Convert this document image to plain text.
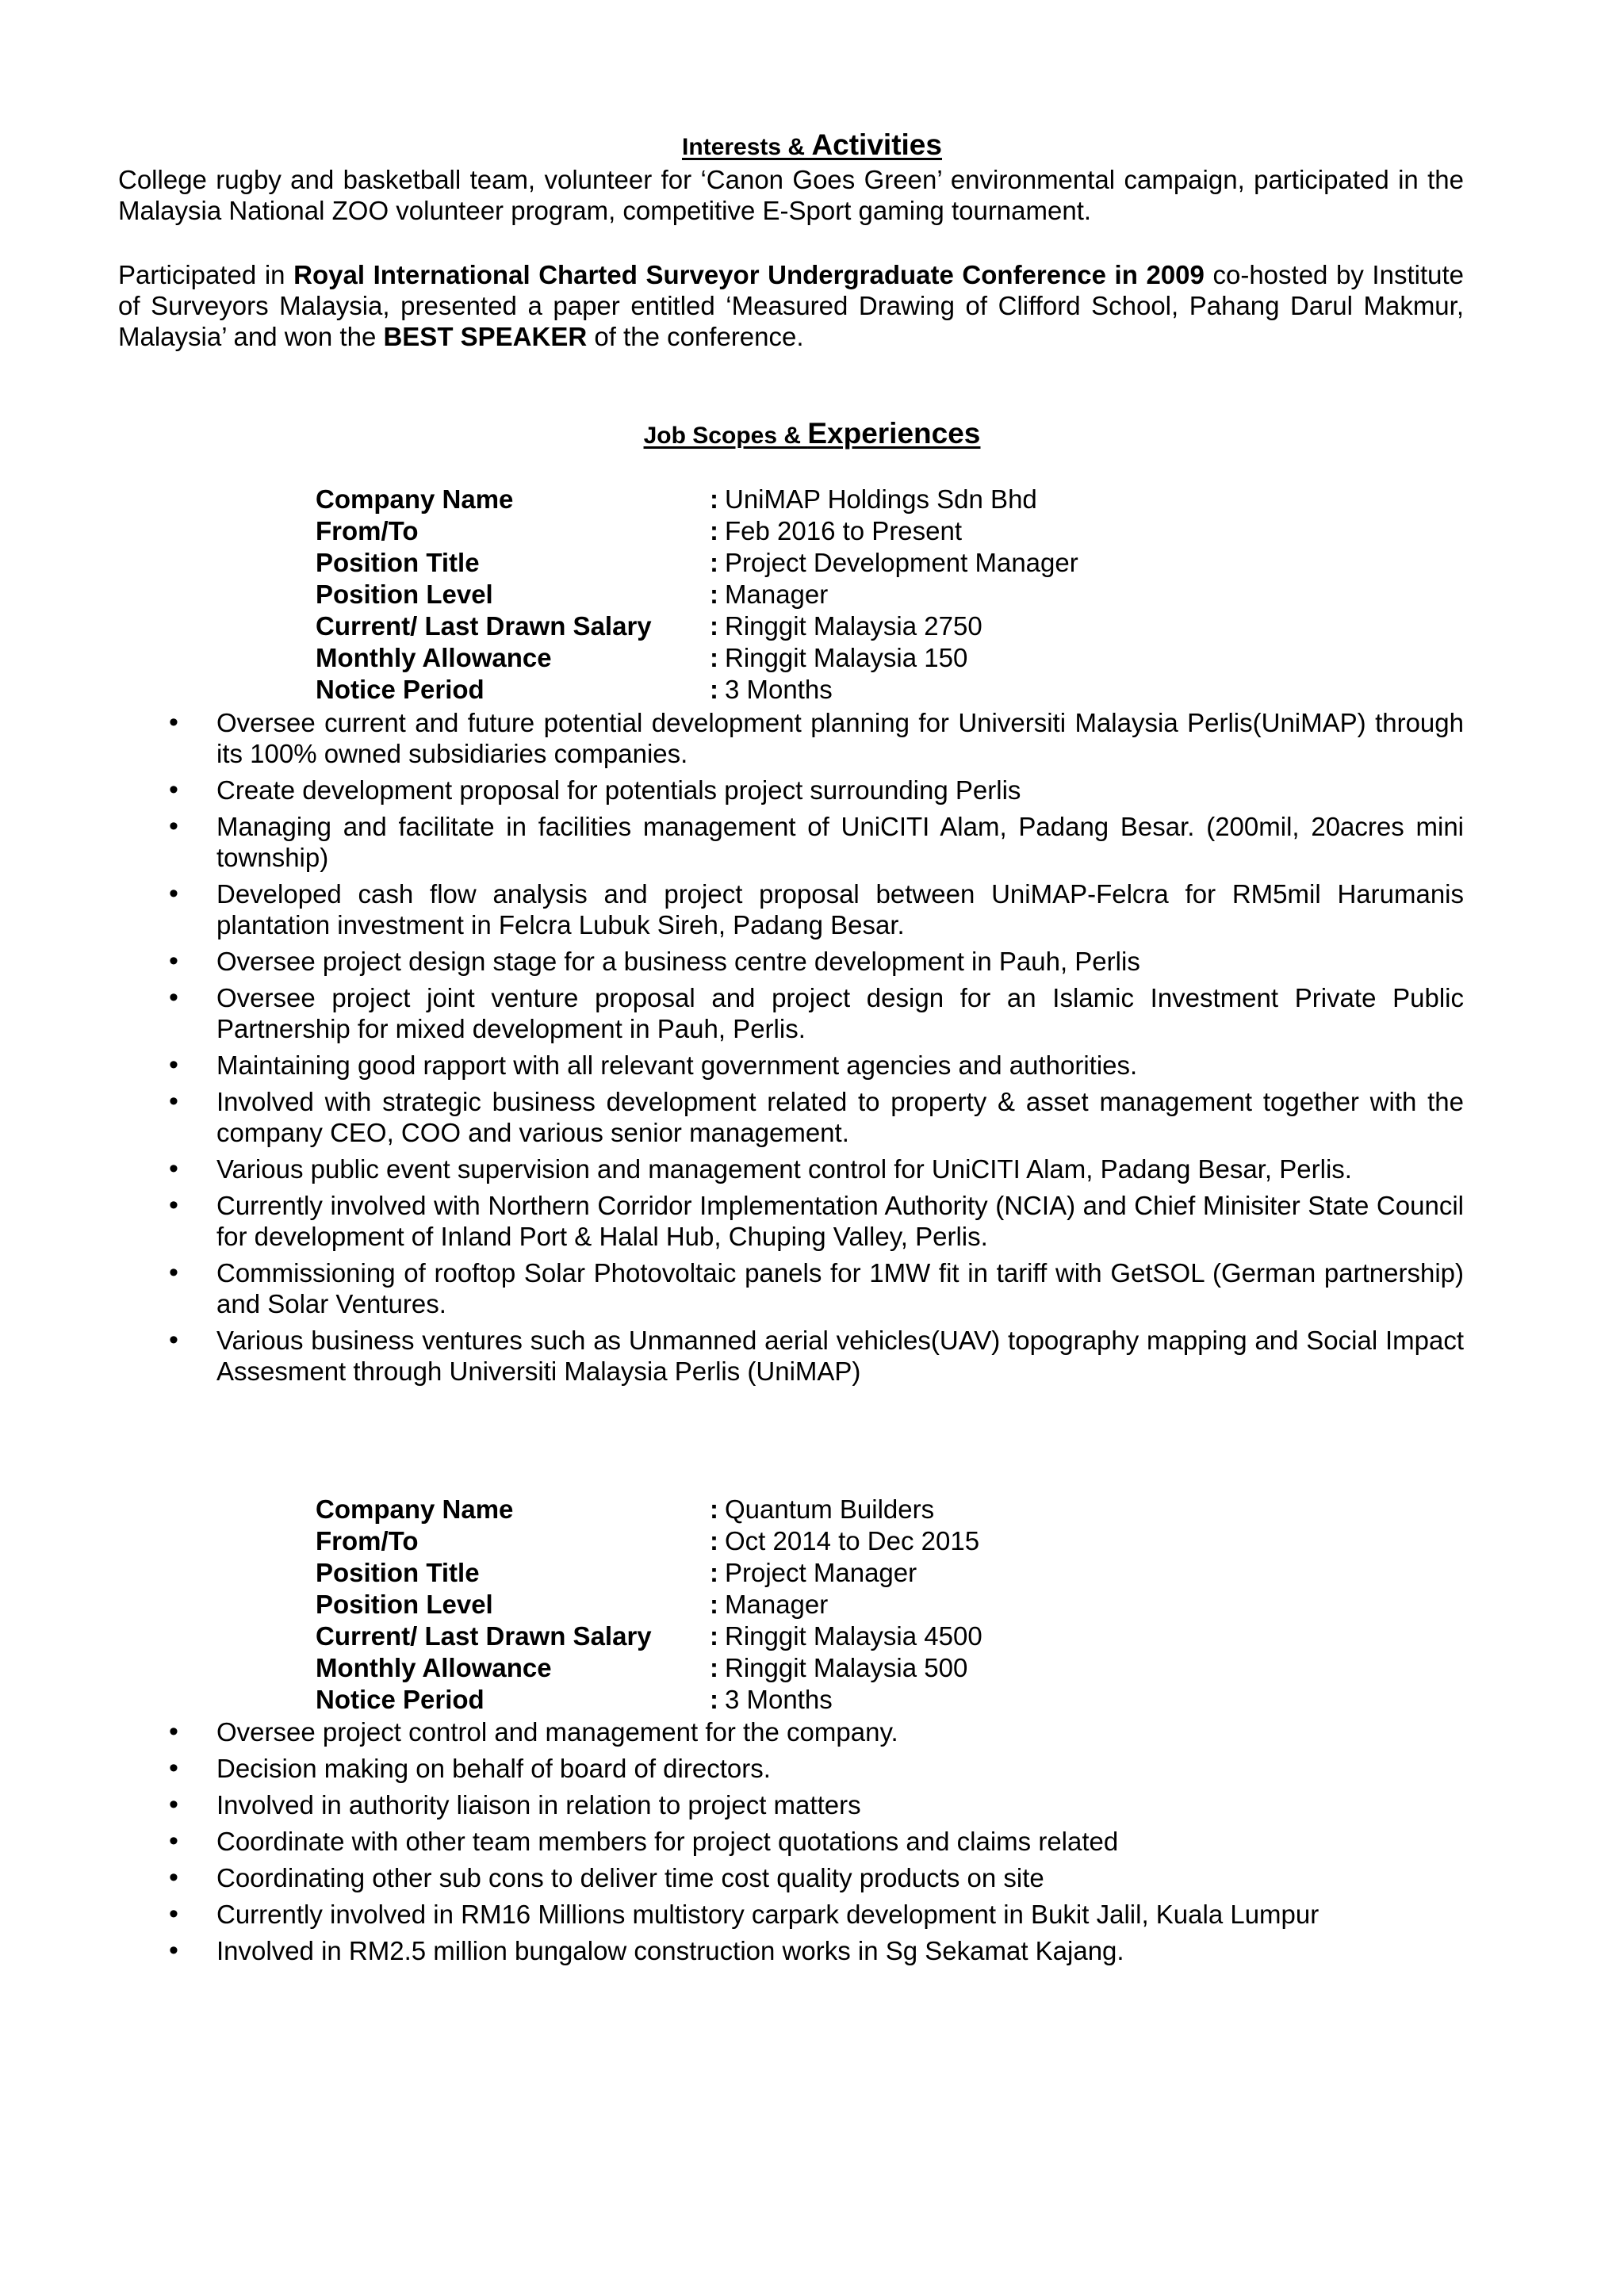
Interests & Activities

College rugby and basketball team, volunteer for ‘Canon Goes Green’ environmental campaign, participated in the Malaysia National ZOO volunteer program, competitive E-Sport gaming tournament.

Participated in Royal International Charted Surveyor Undergraduate Conference in 2009 co-hosted by Institute of Surveyors Malaysia, presented a paper entitled ‘Measured Drawing of Clifford School, Pahang Darul Makmur, Malaysia’ and won the BEST SPEAKER of the conference.

Job Scopes & Experiences
Company Name	: UniMAP Holdings Sdn Bhd
From/To	: Feb 2016 to Present
Position Title	: Project Development Manager
Position Level	: Manager
Current/ Last Drawn Salary : Ringgit Malaysia 2750
Monthly Allowance	: Ringgit Malaysia 150
Notice Period	: 3 Months
• Oversee current and future potential development planning for Universiti Malaysia Perlis(UniMAP) through its 100% owned subsidiaries companies.
• Create development proposal for potentials project surrounding Perlis
• Managing and facilitate in facilities management of UniCITI Alam, Padang Besar. (200mil, 20acres mini township)
• Developed cash flow analysis and project proposal between UniMAP-Felcra for RM5mil Harumanis plantation investment in Felcra Lubuk Sireh, Padang Besar.
• Oversee project design stage for a business centre development in Pauh, Perlis
• Oversee project joint venture proposal and project design for an Islamic Investment Private Public Partnership for mixed development in Pauh, Perlis.
• Maintaining good rapport with all relevant government agencies and authorities.
• Involved with strategic business development related to property & asset management together with the company CEO, COO and various senior management.
• Various public event supervision and management control for UniCITI Alam, Padang Besar, Perlis.
• Currently involved with Northern Corridor Implementation Authority (NCIA) and Chief Minisiter State Council for development of Inland Port & Halal Hub, Chuping Valley, Perlis.
• Commissioning of rooftop Solar Photovoltaic panels for 1MW fit in tariff with GetSOL (German partnership) and Solar Ventures.
• Various business ventures such as Unmanned aerial vehicles(UAV) topography mapping and Social Impact Assesment through Universiti Malaysia Perlis (UniMAP)
Company Name	: Quantum Builders
From/To	: Oct 2014 to Dec 2015
Position Title	: Project Manager
Position Level	: Manager
Current/ Last Drawn Salary : Ringgit Malaysia 4500
Monthly Allowance	: Ringgit Malaysia 500
Notice Period	: 3 Months
• Oversee project control and management for the company.
• Decision making on behalf of board of directors.
• Involved in authority liaison in relation to project matters
• Coordinate with other team members for project quotations and claims related
• Coordinating other sub cons to deliver time cost quality products on site
• Currently involved in RM16 Millions multistory carpark development in Bukit Jalil, Kuala Lumpur
• Involved in RM2.5 million bungalow construction works in Sg Sekamat Kajang.
